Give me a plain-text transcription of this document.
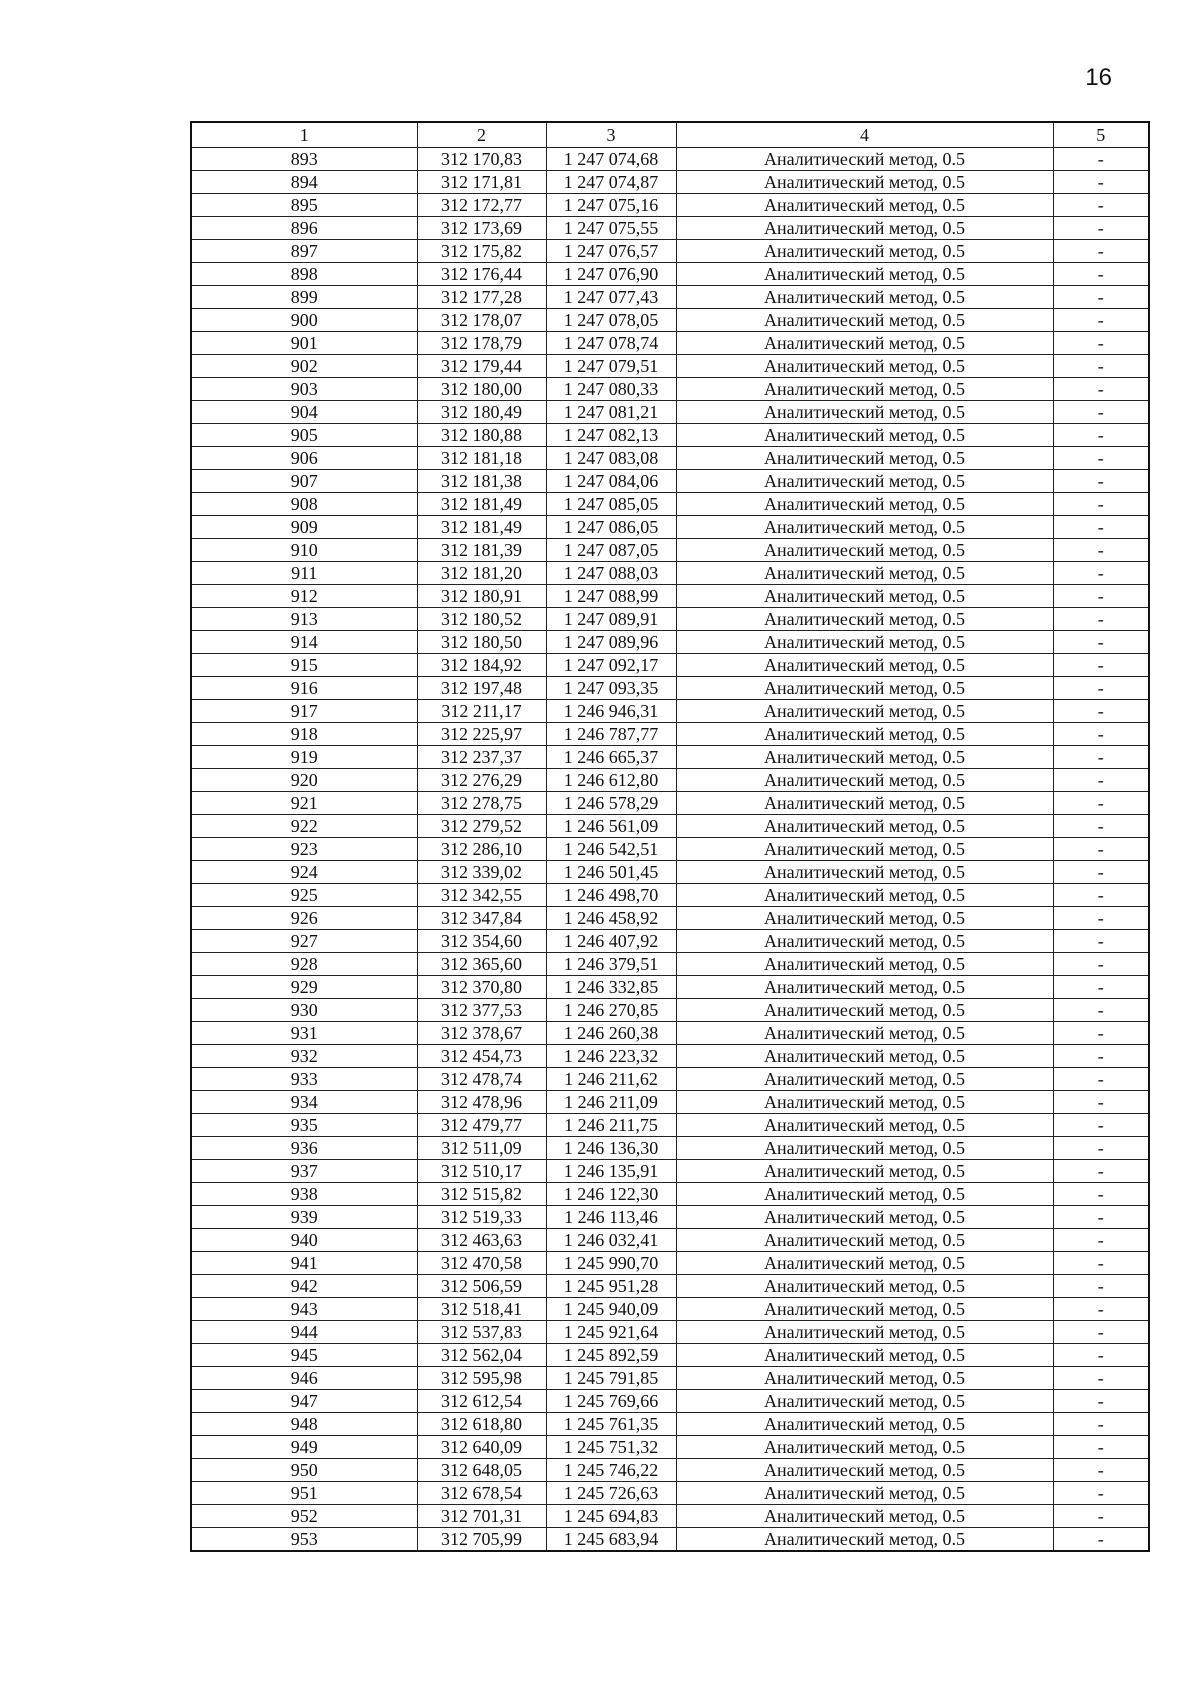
16
1	2	3	4	5
893	312 170,83	1 247 074,68	Аналитический метод, 0.5	-
894	312 171,81	1 247 074,87	Аналитический метод, 0.5	-
895	312 172,77	1 247 075,16	Аналитический метод, 0.5	-
896	312 173,69	1 247 075,55	Аналитический метод, 0.5	-
897	312 175,82	1 247 076,57	Аналитический метод, 0.5	-
898	312 176,44	1 247 076,90	Аналитический метод, 0.5	-
899	312 177,28	1 247 077,43	Аналитический метод, 0.5	-
900	312 178,07	1 247 078,05	Аналитический метод, 0.5	-
901	312 178,79	1 247 078,74	Аналитический метод, 0.5	-
902	312 179,44	1 247 079,51	Аналитический метод, 0.5	-
903	312 180,00	1 247 080,33	Аналитический метод, 0.5	-
904	312 180,49	1 247 081,21	Аналитический метод, 0.5	-
905	312 180,88	1 247 082,13	Аналитический метод, 0.5	-
906	312 181,18	1 247 083,08	Аналитический метод, 0.5	-
907	312 181,38	1 247 084,06	Аналитический метод, 0.5	-
908	312 181,49	1 247 085,05	Аналитический метод, 0.5	-
909	312 181,49	1 247 086,05	Аналитический метод, 0.5	-
910	312 181,39	1 247 087,05	Аналитический метод, 0.5	-
911	312 181,20	1 247 088,03	Аналитический метод, 0.5	-
912	312 180,91	1 247 088,99	Аналитический метод, 0.5	-
913	312 180,52	1 247 089,91	Аналитический метод, 0.5	-
914	312 180,50	1 247 089,96	Аналитический метод, 0.5	-
915	312 184,92	1 247 092,17	Аналитический метод, 0.5	-
916	312 197,48	1 247 093,35	Аналитический метод, 0.5	-
917	312 211,17	1 246 946,31	Аналитический метод, 0.5	-
918	312 225,97	1 246 787,77	Аналитический метод, 0.5	-
919	312 237,37	1 246 665,37	Аналитический метод, 0.5	-
920	312 276,29	1 246 612,80	Аналитический метод, 0.5	-
921	312 278,75	1 246 578,29	Аналитический метод, 0.5	-
922	312 279,52	1 246 561,09	Аналитический метод, 0.5	-
923	312 286,10	1 246 542,51	Аналитический метод, 0.5	-
924	312 339,02	1 246 501,45	Аналитический метод, 0.5	-
925	312 342,55	1 246 498,70	Аналитический метод, 0.5	-
926	312 347,84	1 246 458,92	Аналитический метод, 0.5	-
927	312 354,60	1 246 407,92	Аналитический метод, 0.5	-
928	312 365,60	1 246 379,51	Аналитический метод, 0.5	-
929	312 370,80	1 246 332,85	Аналитический метод, 0.5	-
930	312 377,53	1 246 270,85	Аналитический метод, 0.5	-
931	312 378,67	1 246 260,38	Аналитический метод, 0.5	-
932	312 454,73	1 246 223,32	Аналитический метод, 0.5	-
933	312 478,74	1 246 211,62	Аналитический метод, 0.5	-
934	312 478,96	1 246 211,09	Аналитический метод, 0.5	-
935	312 479,77	1 246 211,75	Аналитический метод, 0.5	-
936	312 511,09	1 246 136,30	Аналитический метод, 0.5	-
937	312 510,17	1 246 135,91	Аналитический метод, 0.5	-
938	312 515,82	1 246 122,30	Аналитический метод, 0.5	-
939	312 519,33	1 246 113,46	Аналитический метод, 0.5	-
940	312 463,63	1 246 032,41	Аналитический метод, 0.5	-
941	312 470,58	1 245 990,70	Аналитический метод, 0.5	-
942	312 506,59	1 245 951,28	Аналитический метод, 0.5	-
943	312 518,41	1 245 940,09	Аналитический метод, 0.5	-
944	312 537,83	1 245 921,64	Аналитический метод, 0.5	-
945	312 562,04	1 245 892,59	Аналитический метод, 0.5	-
946	312 595,98	1 245 791,85	Аналитический метод, 0.5	-
947	312 612,54	1 245 769,66	Аналитический метод, 0.5	-
948	312 618,80	1 245 761,35	Аналитический метод, 0.5	-
949	312 640,09	1 245 751,32	Аналитический метод, 0.5	-
950	312 648,05	1 245 746,22	Аналитический метод, 0.5	-
951	312 678,54	1 245 726,63	Аналитический метод, 0.5	-
952	312 701,31	1 245 694,83	Аналитический метод, 0.5	-
953	312 705,99	1 245 683,94	Аналитический метод, 0.5	-
